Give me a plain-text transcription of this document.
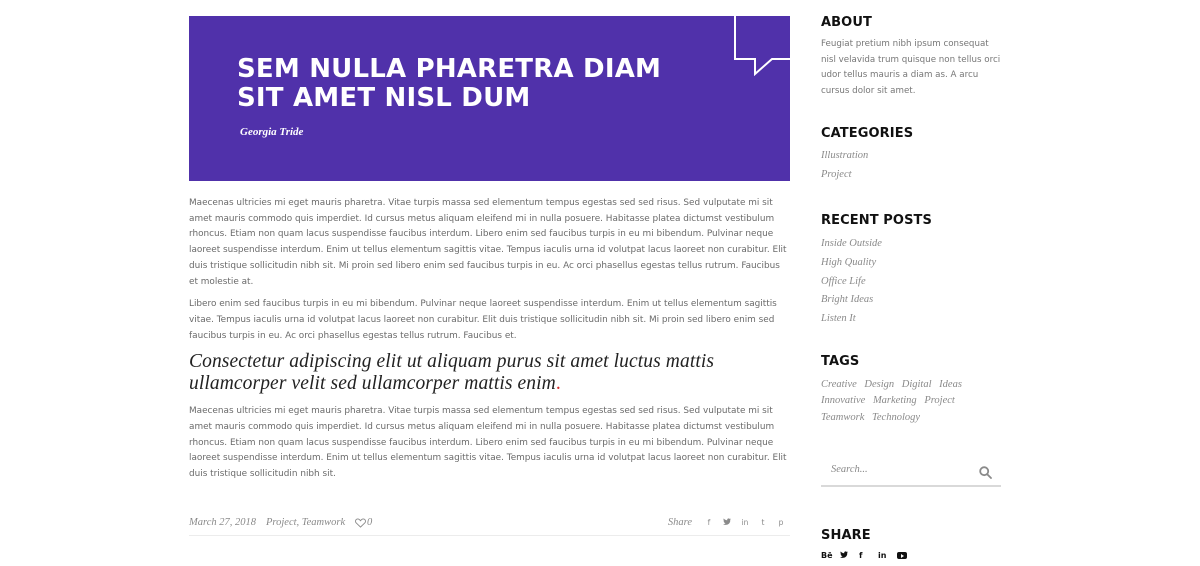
SEM NULLA PHARETRA DIAM SIT AMET NISL DUM
Georgia Tride

Maecenas ultricies mi eget mauris pharetra. Vitae turpis massa sed elementum tempus egestas sed sed risus. Sed vulputate mi sit amet mauris commodo quis imperdiet. Id cursus metus aliquam eleifend mi in nulla posuere. Habitasse platea dictumst vestibulum rhoncus. Etiam non quam lacus suspendisse faucibus interdum. Libero enim sed faucibus turpis in eu mi bibendum. Pulvinar neque laoreet suspendisse interdum. Enim ut tellus elementum sagittis vitae. Tempus iaculis urna id volutpat lacus laoreet non curabitur. Elit duis tristique sollicitudin nibh sit. Mi proin sed libero enim sed faucibus turpis in eu. Ac orci phasellus egestas tellus rutrum. Faucibus et molestie at.

Libero enim sed faucibus turpis in eu mi bibendum. Pulvinar neque laoreet suspendisse interdum. Enim ut tellus elementum sagittis vitae. Tempus iaculis urna id volutpat lacus laoreet non curabitur. Elit duis tristique sollicitudin nibh sit. Mi proin sed libero enim sed faucibus turpis in eu. Ac orci phasellus egestas tellus rutrum. Faucibus et.

Consectetur adipiscing elit ut aliquam purus sit amet luctus mattis ullamcorper velit sed ullamcorper mattis enim.

Maecenas ultricies mi eget mauris pharetra. Vitae turpis massa sed elementum tempus egestas sed sed risus. Sed vulputate mi sit amet mauris commodo quis imperdiet. Id cursus metus aliquam eleifend mi in nulla posuere. Habitasse platea dictumst vestibulum rhoncus. Etiam non quam lacus suspendisse faucibus interdum. Libero enim sed faucibus turpis in eu mi bibendum. Pulvinar neque laoreet suspendisse interdum. Enim ut tellus elementum sagittis vitae. Tempus iaculis urna id volutpat lacus laoreet non curabitur. Elit duis tristique sollicitudin nibh sit.

March 27, 2018 Project, Teamwork 0	Share	f	in	t	p
ABOUT

Feugiat pretium nibh ipsum consequat nisl velavida trum quisque non tellus orci udor tellus mauris a diam as. A arcu cursus dolor sit amet.

CATEGORIES
Illustration
Project
RECENT POSTS
Inside Outside
High Quality
Office Life
Bright Ideas
Listen It
TAGS
Creative Design Digital Ideas
Innovative Marketing Project
Teamwork Technology
Search...
SHARE
Bē	f	in
